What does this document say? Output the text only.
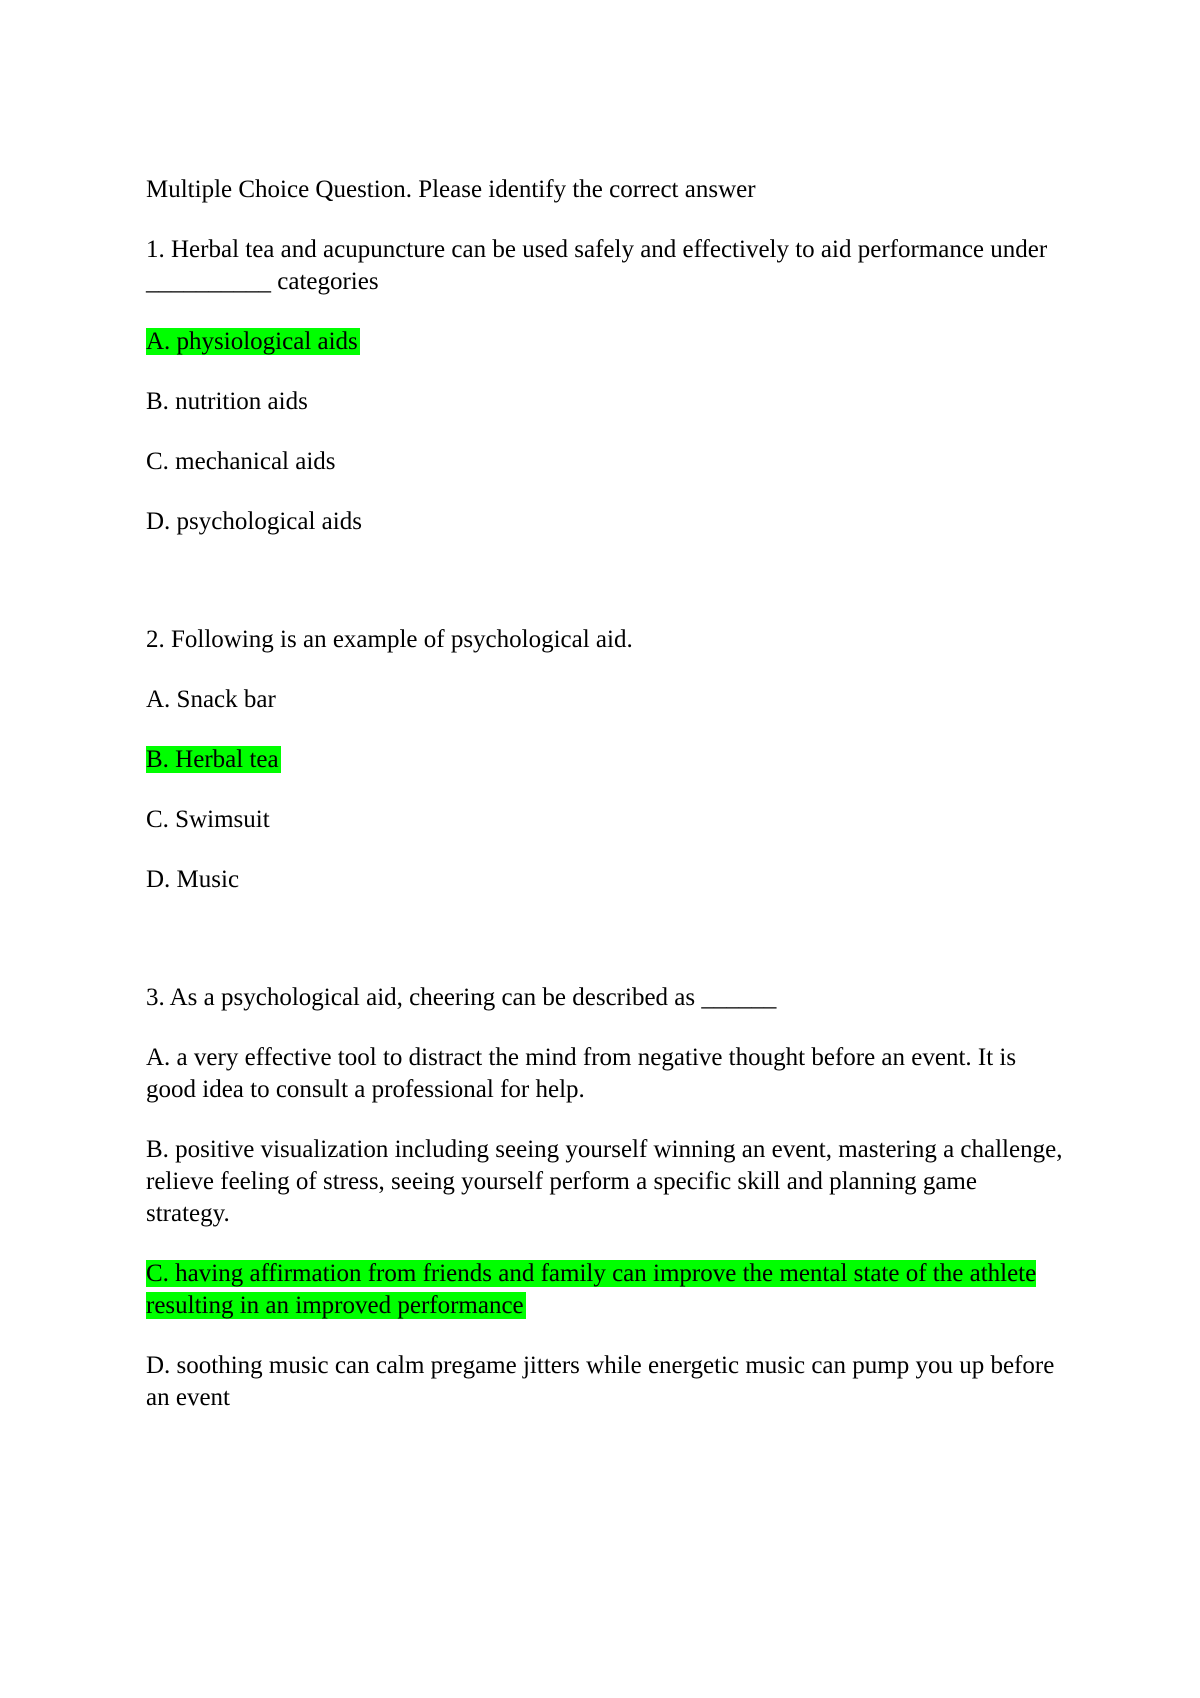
Multiple Choice Question. Please identify the correct answer

1. Herbal tea and acupuncture can be used safely and effectively to aid performance under __________ categories

A. physiological aids

B. nutrition aids

C. mechanical aids

D. psychological aids

2. Following is an example of psychological aid.

A. Snack bar

B. Herbal tea

C. Swimsuit

D. Music

3. As a psychological aid, cheering can be described as ______

A. a very effective tool to distract the mind from negative thought before an event. It is good idea to consult a professional for help.

B. positive visualization including seeing yourself winning an event, mastering a challenge, relieve feeling of stress, seeing yourself perform a specific skill and planning game strategy.

C. having affirmation from friends and family can improve the mental state of the athlete resulting in an improved performance

D. soothing music can calm pregame jitters while energetic music can pump you up before an event
